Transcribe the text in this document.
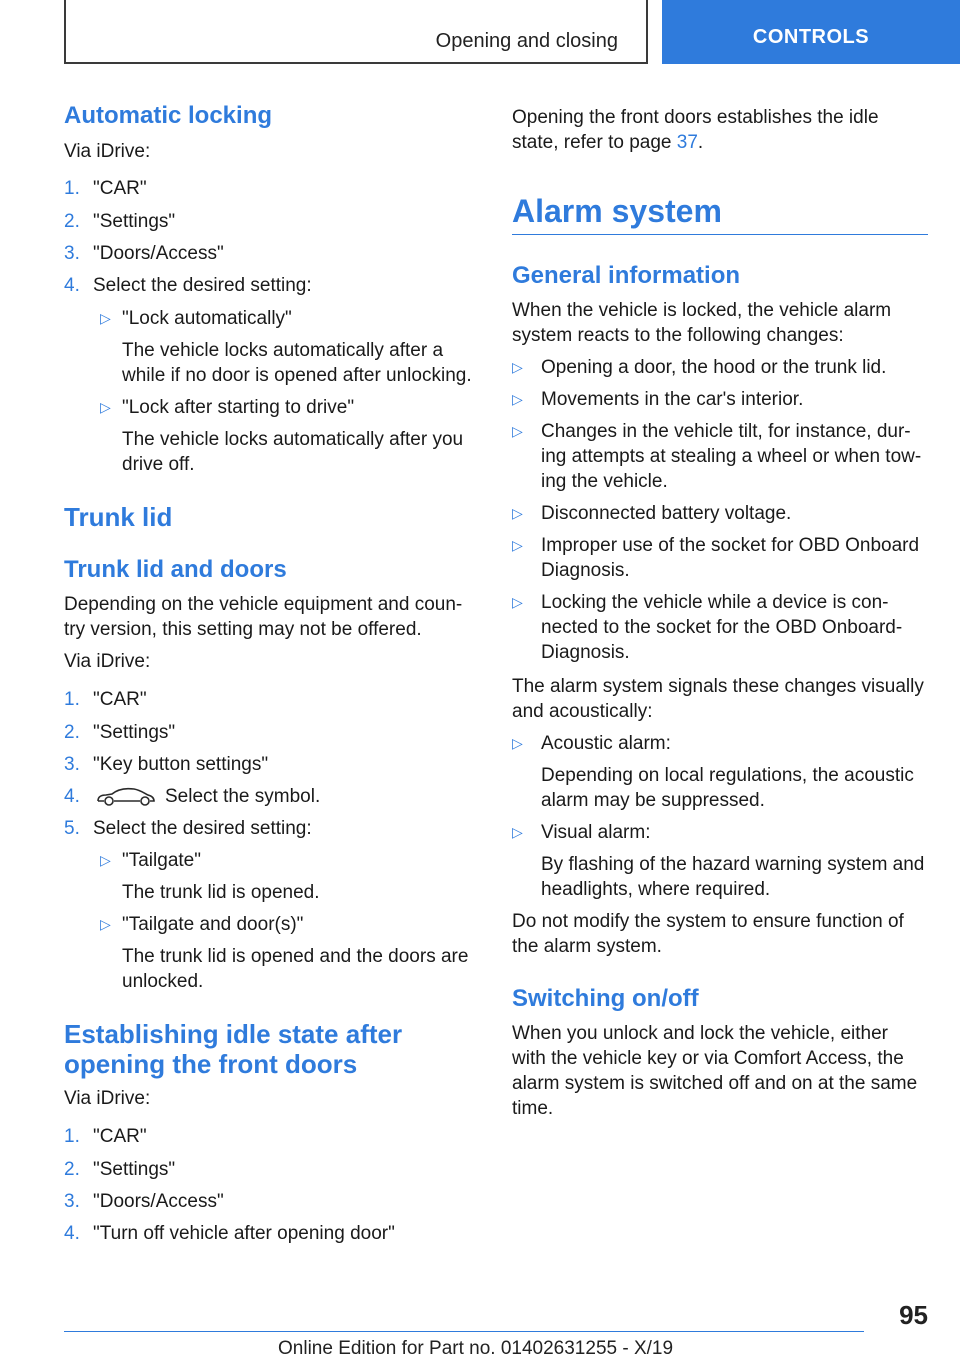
Opening and closing	CONTROLS
Automatic locking
Via iDrive:
1. "CAR"
2. "Settings"
3. "Doors/Access"
4. Select the desired setting:
▷ "Lock automatically"
The vehicle locks automatically after a
while if no door is opened after unlocking.
▷ "Lock after starting to drive"
The vehicle locks automatically after you
drive off.
Trunk lid
Trunk lid and doors
Depending on the vehicle equipment and coun-
try version, this setting may not be offered.
Via iDrive:
1. "CAR"
2. "Settings"
3. "Key button settings"
4.	Select the symbol.
5. Select the desired setting:
▷ "Tailgate"
The trunk lid is opened.
▷ "Tailgate and door(s)"
The trunk lid is opened and the doors are
unlocked.
Establishing idle state after
opening the front doors
Via iDrive:
1. "CAR"
2. "Settings"
3. "Doors/Access"
4. "Turn off vehicle after opening door"
Opening the front doors establishes the idle
state, refer to page 37.
Alarm system
General information
When the vehicle is locked, the vehicle alarm
system reacts to the following changes:
▷ Opening a door, the hood or the trunk lid.
▷ Movements in the car's interior.
▷ Changes in the vehicle tilt, for instance, dur-
ing attempts at stealing a wheel or when tow-
ing the vehicle.
▷ Disconnected battery voltage.
▷ Improper use of the socket for OBD Onboard
Diagnosis.
▷ Locking the vehicle while a device is con-
nected to the socket for the OBD Onboard-
Diagnosis.
The alarm system signals these changes visually
and acoustically:
▷ Acoustic alarm:
Depending on local regulations, the acoustic
alarm may be suppressed.
▷ Visual alarm:
By flashing of the hazard warning system and
headlights, where required.
Do not modify the system to ensure function of
the alarm system.
Switching on/off
When you unlock and lock the vehicle, either
with the vehicle key or via Comfort Access, the
alarm system is switched off and on at the same
time.
95
Online Edition for Part no. 01402631255 - X/19
